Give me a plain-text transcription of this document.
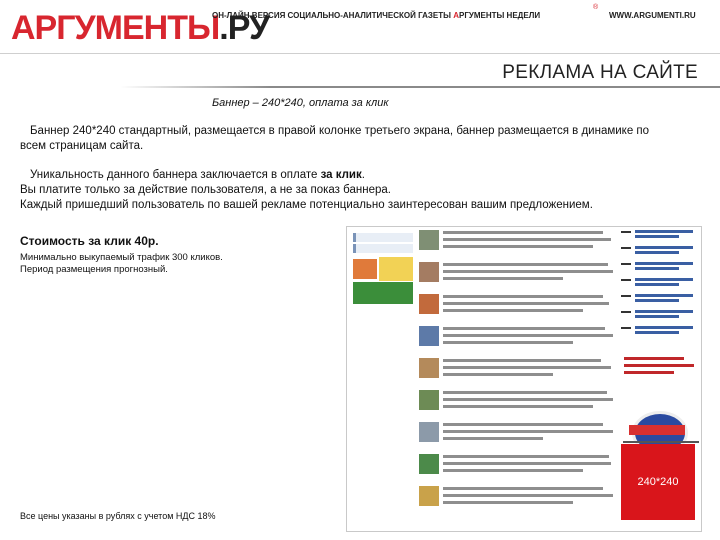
АРГУМЕНТЫ.РУ
ОН-ЛАЙН ВЕРСИЯ СОЦИАЛЬНО-АНАЛИТИЧЕСКОЙ ГАЗЕТЫ АРГУМЕНТЫ НЕДЕЛИ
®
WWW.ARGUMENTI.RU
РЕКЛАМА НА САЙТЕ
Баннер – 240*240, оплата за клик
Баннер 240*240 стандартный, размещается в правой колонке третьего экрана, баннер размещается в динамике по всем страницам сайта.
Уникальность данного баннера заключается в оплате за клик.
Вы платите только за действие пользователя, а не за показ баннера.
Каждый пришедший пользователь по вашей рекламе потенциально заинтересован вашим предложением.
Стоимость за клик 40р.
Минимально выкупаемый трафик 300 кликов.
Период размещения прогнозный.
240*240
Все цены указаны в рублях с учетом НДС 18%
